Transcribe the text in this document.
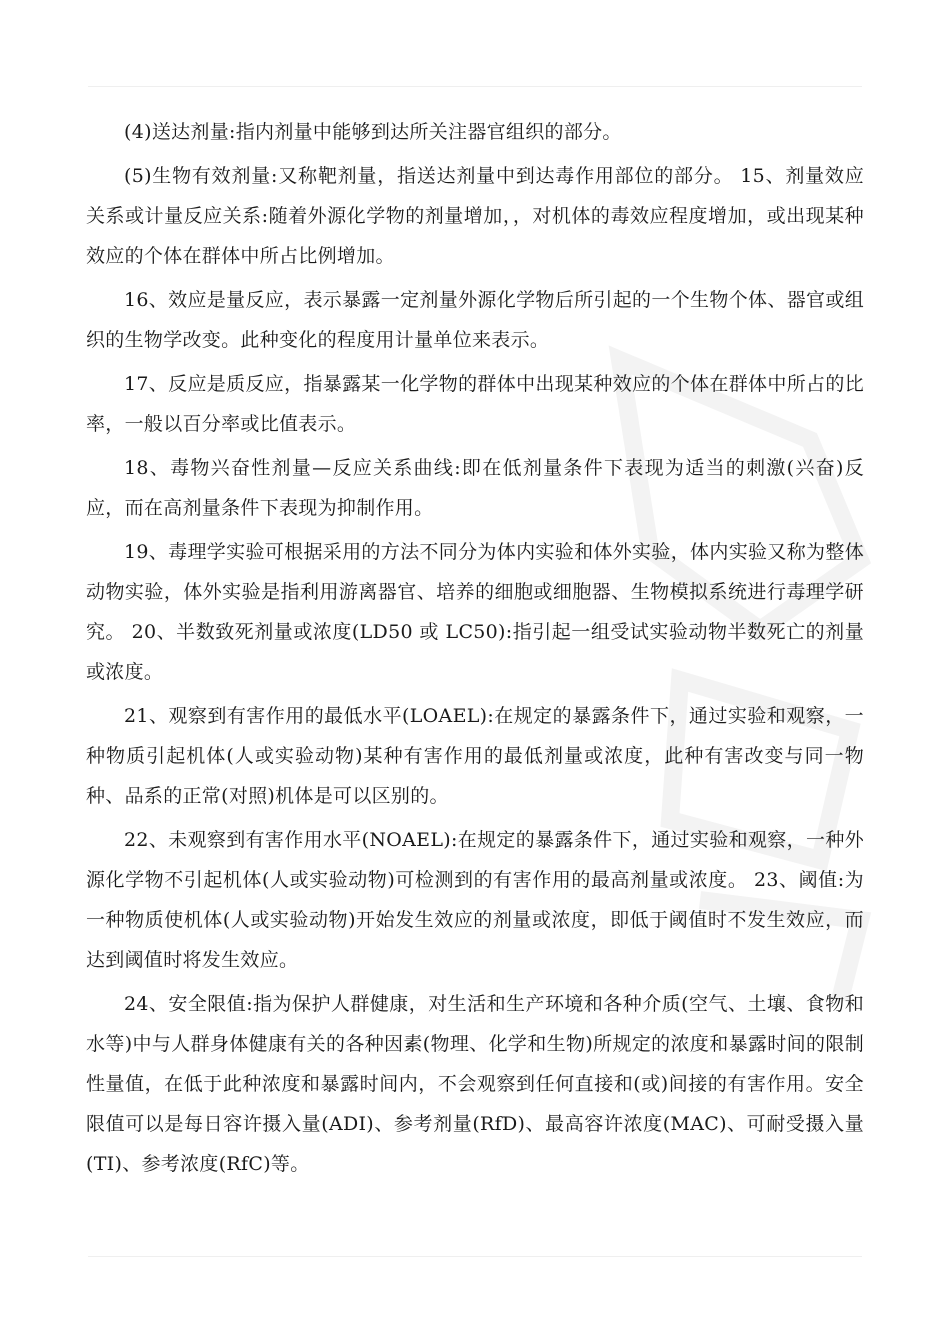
(4)送达剂量:指内剂量中能够到达所关注器官组织的部分。

(5)生物有效剂量:又称靶剂量，指送达剂量中到达毒作用部位的部分。 15、剂量效应关系或计量反应关系:随着外源化学物的剂量增加，，对机体的毒效应程度增加，或出现某种效应的个体在群体中所占比例增加。

16、效应是量反应，表示暴露一定剂量外源化学物后所引起的一个生物个体、器官或组织的生物学改变。此种变化的程度用计量单位来表示。

17、反应是质反应，指暴露某一化学物的群体中出现某种效应的个体在群体中所占的比率，一般以百分率或比值表示。

18、毒物兴奋性剂量—反应关系曲线:即在低剂量条件下表现为适当的刺激(兴奋)反应，而在高剂量条件下表现为抑制作用。

19、毒理学实验可根据采用的方法不同分为体内实验和体外实验，体内实验又称为整体动物实验，体外实验是指利用游离器官、培养的细胞或细胞器、生物模拟系统进行毒理学研究。 20、半数致死剂量或浓度(LD50 或 LC50):指引起一组受试实验动物半数死亡的剂量或浓度。

21、观察到有害作用的最低水平(LOAEL):在规定的暴露条件下，通过实验和观察，一种物质引起机体(人或实验动物)某种有害作用的最低剂量或浓度，此种有害改变与同一物种、品系的正常(对照)机体是可以区别的。

22、未观察到有害作用水平(NOAEL):在规定的暴露条件下，通过实验和观察，一种外源化学物不引起机体(人或实验动物)可检测到的有害作用的最高剂量或浓度。 23、阈值:为一种物质使机体(人或实验动物)开始发生效应的剂量或浓度，即低于阈值时不发生效应，而达到阈值时将发生效应。

24、安全限值:指为保护人群健康，对生活和生产环境和各种介质(空气、土壤、食物和水等)中与人群身体健康有关的各种因素(物理、化学和生物)所规定的浓度和暴露时间的限制性量值，在低于此种浓度和暴露时间内，不会观察到任何直接和(或)间接的有害作用。安全限值可以是每日容许摄入量(ADI)、参考剂量(RfD)、最高容许浓度(MAC)、可耐受摄入量(TI)、参考浓度(RfC)等。
